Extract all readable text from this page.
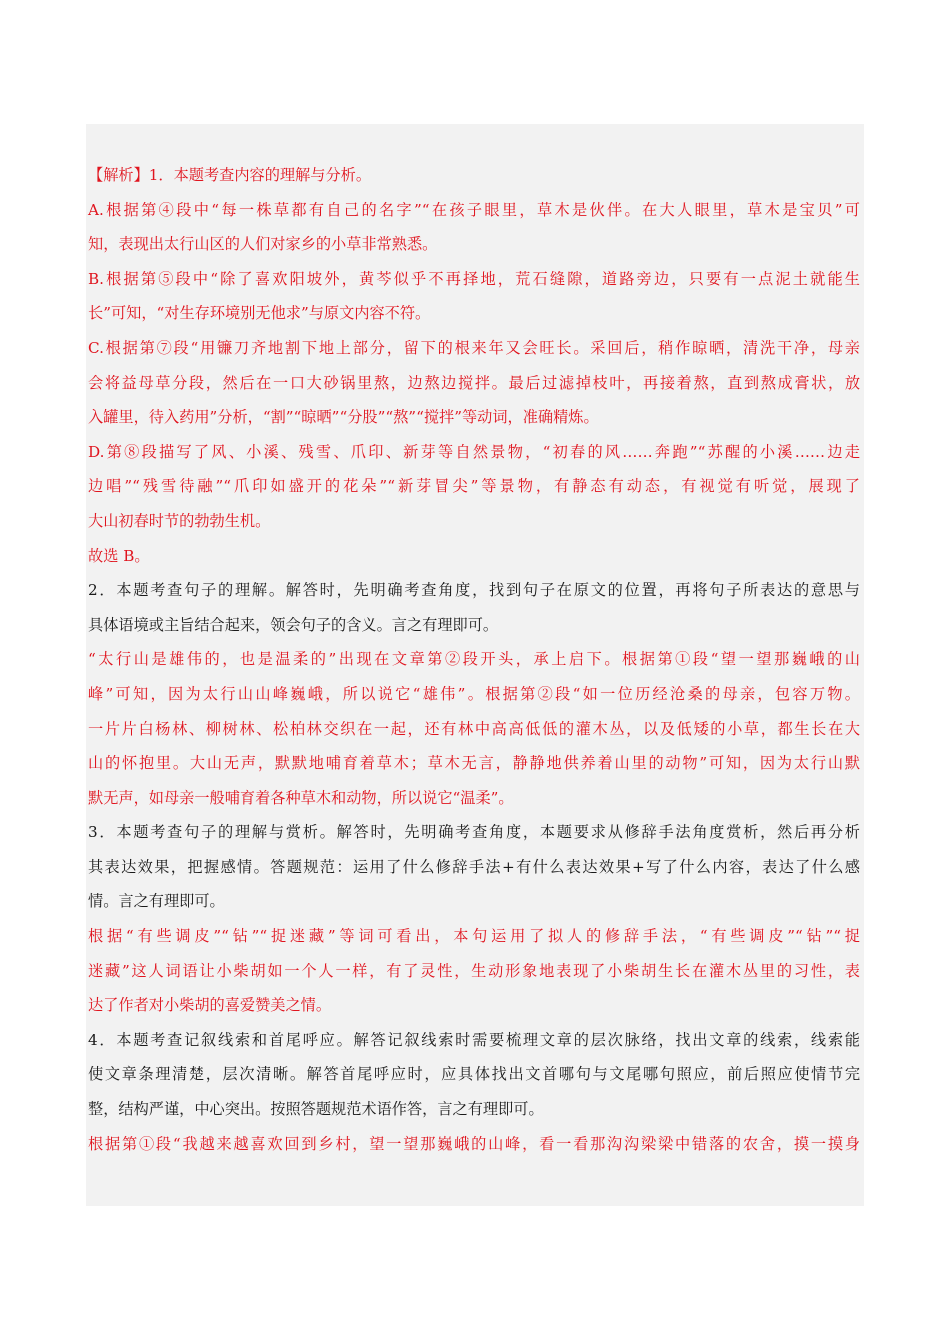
【解析】1．本题考查内容的理解与分析。
A.根据第④段中“每一株草都有自己的名字”“在孩子眼里，草木是伙伴。在大人眼里，草木是宝贝”可
知，表现出太行山区的人们对家乡的小草非常熟悉。
B.根据第⑤段中“除了喜欢阳坡外，黄芩似乎不再择地，荒石缝隙，道路旁边，只要有一点泥土就能生
长”可知，“对生存环境别无他求”与原文内容不符。
C.根据第⑦段“用镰刀齐地割下地上部分，留下的根来年又会旺长。采回后，稍作晾晒，清洗干净，母亲
会将益母草分段，然后在一口大砂锅里熬，边熬边搅拌。最后过滤掉枝叶，再接着熬，直到熬成膏状，放
入罐里，待入药用”分析，“割”“晾晒”“分股”“熬”“搅拌”等动词，准确精炼。
D.第⑧段描写了风、小溪、残雪、爪印、新芽等自然景物，“初春的风……奔跑”“苏醒的小溪……边走
边唱”“残雪待融”“爪印如盛开的花朵”“新芽冒尖”等景物，有静态有动态，有视觉有听觉，展现了
大山初春时节的勃勃生机。
故选 B。
2．本题考查句子的理解。解答时，先明确考查角度，找到句子在原文的位置，再将句子所表达的意思与
具体语境或主旨结合起来，领会句子的含义。言之有理即可。
“太行山是雄伟的，也是温柔的”出现在文章第②段开头，承上启下。根据第①段“望一望那巍峨的山
峰”可知，因为太行山山峰巍峨，所以说它“雄伟”。根据第②段“如一位历经沧桑的母亲，包容万物。
一片片白杨林、柳树林、松柏林交织在一起，还有林中高高低低的灌木丛，以及低矮的小草，都生长在大
山的怀抱里。大山无声，默默地哺育着草木；草木无言，静静地供养着山里的动物”可知，因为太行山默
默无声，如母亲一般哺育着各种草木和动物，所以说它“温柔”。
3．本题考查句子的理解与赏析。解答时，先明确考查角度，本题要求从修辞手法角度赏析，然后再分析
其表达效果，把握感情。答题规范：运用了什么修辞手法+有什么表达效果+写了什么内容，表达了什么感
情。言之有理即可。
根据“有些调皮”“钻”“捉迷藏”等词可看出，本句运用了拟人的修辞手法，“有些调皮”“钻”“捉
迷藏”这人词语让小柴胡如一个人一样，有了灵性，生动形象地表现了小柴胡生长在灌木丛里的习性，表
达了作者对小柴胡的喜爱赞美之情。
4．本题考查记叙线索和首尾呼应。解答记叙线索时需要梳理文章的层次脉络，找出文章的线索，线索能
使文章条理清楚，层次清晰。解答首尾呼应时，应具体找出文首哪句与文尾哪句照应，前后照应使情节完
整，结构严谨，中心突出。按照答题规范术语作答，言之有理即可。
根据第①段“我越来越喜欢回到乡村，望一望那巍峨的山峰，看一看那沟沟梁梁中错落的农舍，摸一摸身
